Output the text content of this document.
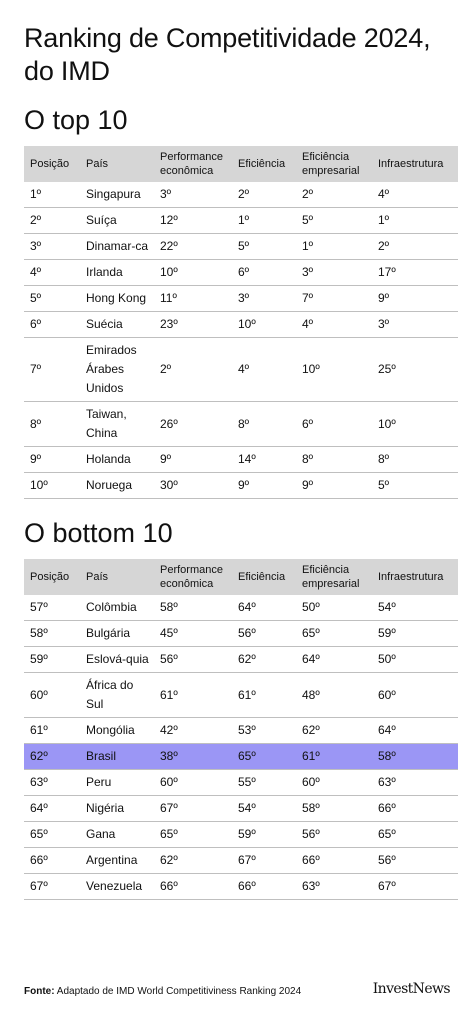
Ranking de Competitividade 2024, do IMD
O top 10
Posição	País	Performance econômica	Eficiência	Eficiência empresarial	Infraestrutura
1º	Singapura	3º	2º	2º	4º
2º	Suíça	12º	1º	5º	1º
3º	Dinamar-ca	22º	5º	1º	2º
4º	Irlanda	10º	6º	3º	17º
5º	Hong Kong	11º	3º	7º	9º
6º	Suécia	23º	10º	4º	3º
7º	Emirados Árabes Unidos	2º	4º	10º	25º
8º	Taiwan, China	26º	8º	6º	10º
9º	Holanda	9º	14º	8º	8º
10º	Noruega	30º	9º	9º	5º
O bottom 10
Posição	País	Performance econômica	Eficiência	Eficiência empresarial	Infraestrutura
57º	Colômbia	58º	64º	50º	54º
58º	Bulgária	45º	56º	65º	59º
59º	Eslová-quia	56º	62º	64º	50º
60º	África do Sul	61º	61º	48º	60º
61º	Mongólia	42º	53º	62º	64º
62º	Brasil	38º	65º	61º	58º
63º	Peru	60º	55º	60º	63º
64º	Nigéria	67º	54º	58º	66º
65º	Gana	65º	59º	56º	65º
66º	Argentina	62º	67º	66º	56º
67º	Venezuela	66º	66º	63º	67º
Fonte: Adaptado de IMD World Competitiviness Ranking 2024	InvestNews
